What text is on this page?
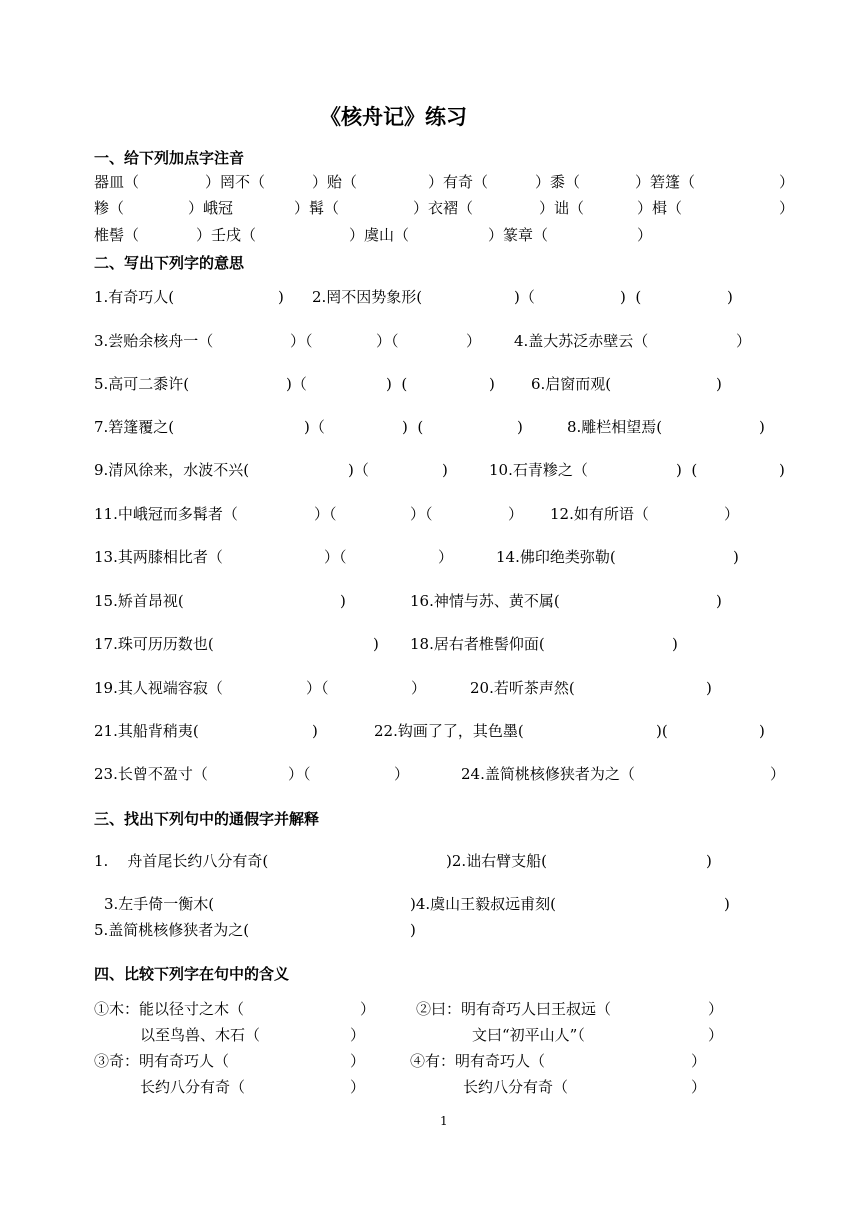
《核舟记》练习
一、给下列加点字注音
器皿（	）罔不（	）贻（	）有奇（	）黍（	）箬篷（	）
糁（	）峨冠	）髯（	）衣褶（	）诎（	）楫（	）
椎髻（	）壬戌（	）虞山（	）篆章（	）
二、写出下列字的意思
1.有奇巧人(	) 2.罔不因势象形(	)（	)  (	)
3.尝贻余核舟一（	）（	）（	） 4.盖大苏泛赤壁云（	）
5.高可二黍许(	)（	)  (	) 6.启窗而观(	)
7.箬篷覆之(	)（	)  (	)	8.雕栏相望焉(	)
9.清风徐来，水波不兴(	)（	)	10.石青糁之（	)  (	)
11.中峨冠而多髯者（	）（	）（	） 12.如有所语（	）
13.其两膝相比者（	）（	）	14.佛印绝类弥勒(	)
15.矫首昂视(	)	16.神情与苏、黄不属(	)
17.珠可历历数也(	) 18.居右者椎髻仰面(	)
19.其人视端容寂（	）（	）	20.若听茶声然(	)
21.其船背稍夷(	)	22.钩画了了，其色墨(	)(	)
23.长曾不盈寸（	）（	）	24.盖简桃核修狭者为之（	）
三、找出下列句中的通假字并解释
1.    舟首尾长约八分有奇(	)2.诎右臂支船(	)
3.左手倚一衡木(	)4.虞山王毅叔远甫刻(	)
5.盖简桃核修狭者为之(	)
四、比较下列字在句中的含义
①木：能以径寸之木（	）	②曰：明有奇巧人曰王叔远（	）
以至鸟兽、木石（	）	文曰“初平山人”（	）
③奇：明有奇巧人（	）	④有：明有奇巧人（	）
长约八分有奇（	）	长约八分有奇（	）
1
